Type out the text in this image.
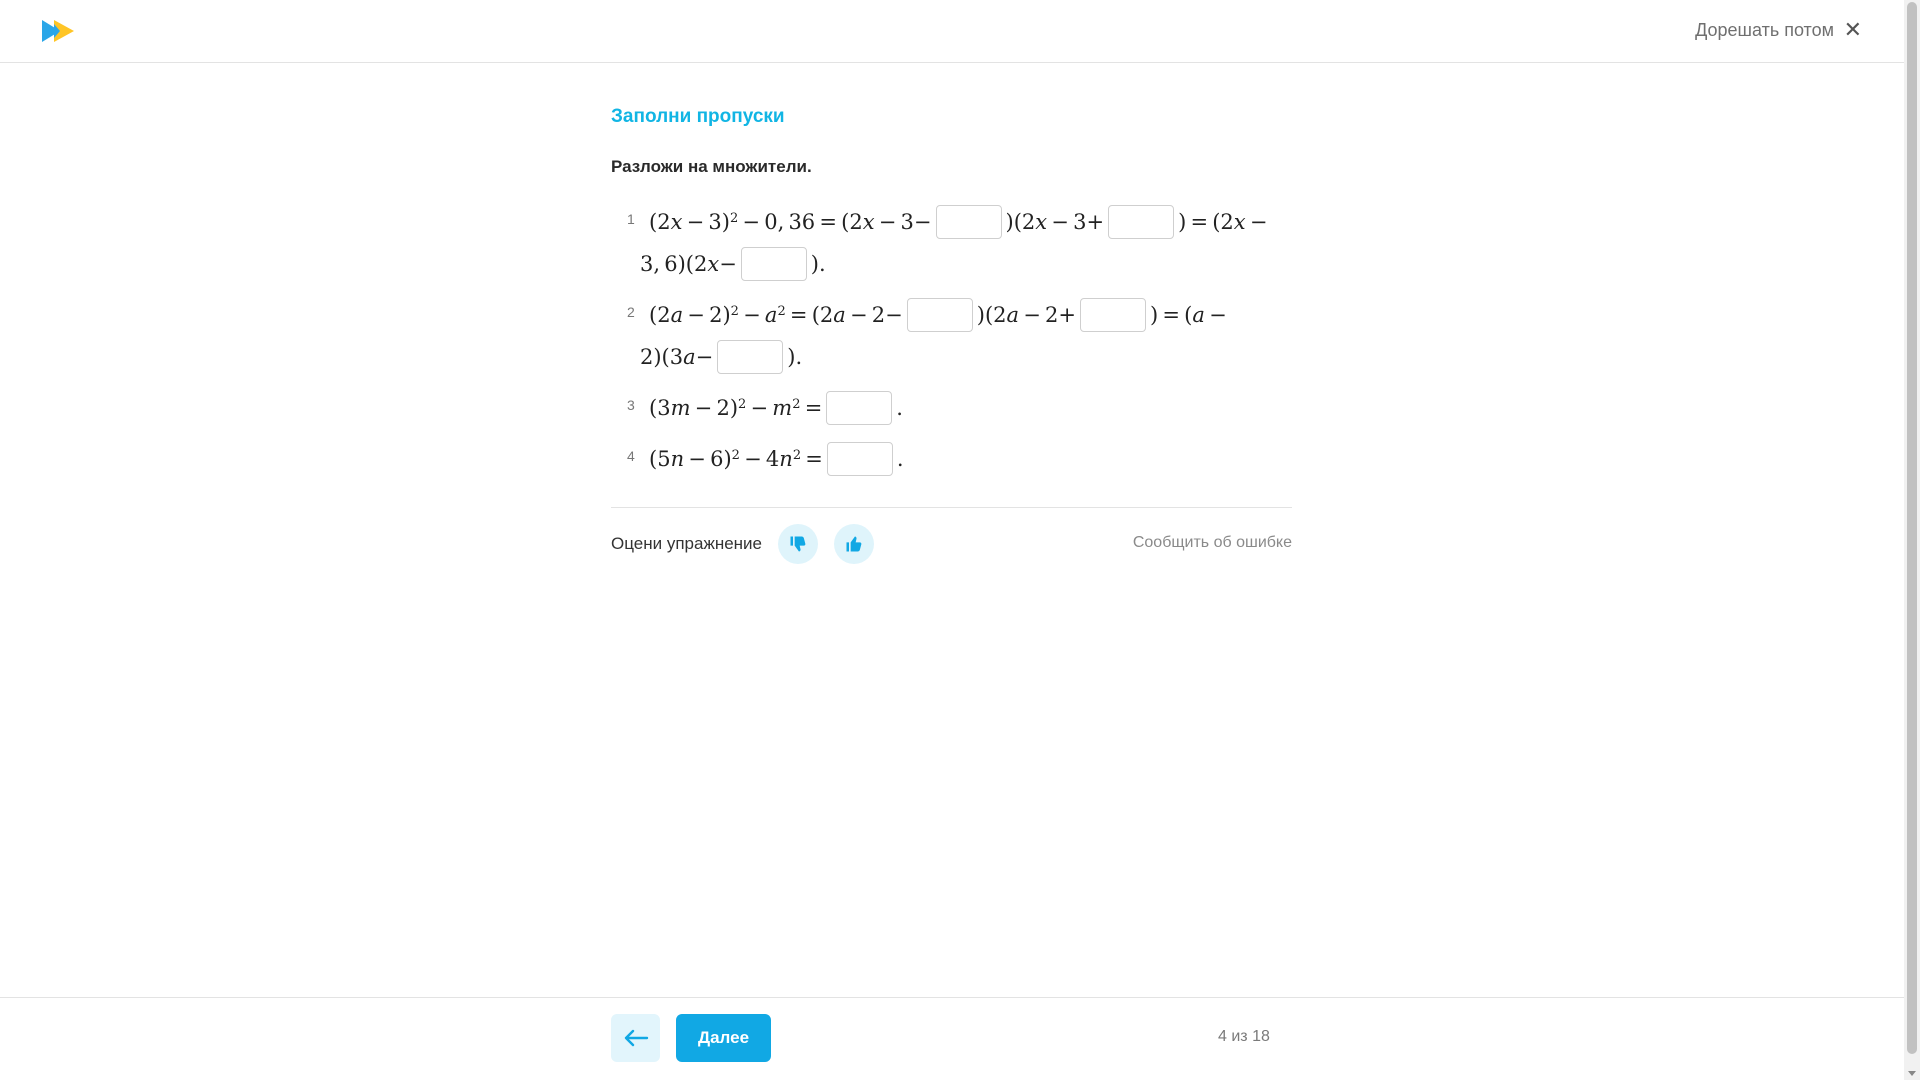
Дорешать потом ✕
Заполни пропуски
Разложи на множители.
1 (2 x  − 3)$^2$  − 0, 36 = (2 x  − 3−	)(2 x  − 3+	) = (2 x  −
3, 6)(2 x −	).
2 (2 $a - 2)^2 - a^2 = (2$ a  − 2−	)(2 a  − 2+	) = ( a  −
2)(3 a −	).
3 (3 $m - 2)^2 - m^2$  =	.
4 (5 n  − 6)$^2$  − 4 $n^2$  =	.
Оцени упражнение	Сообщить об ошибке
Далее	4 из 18
